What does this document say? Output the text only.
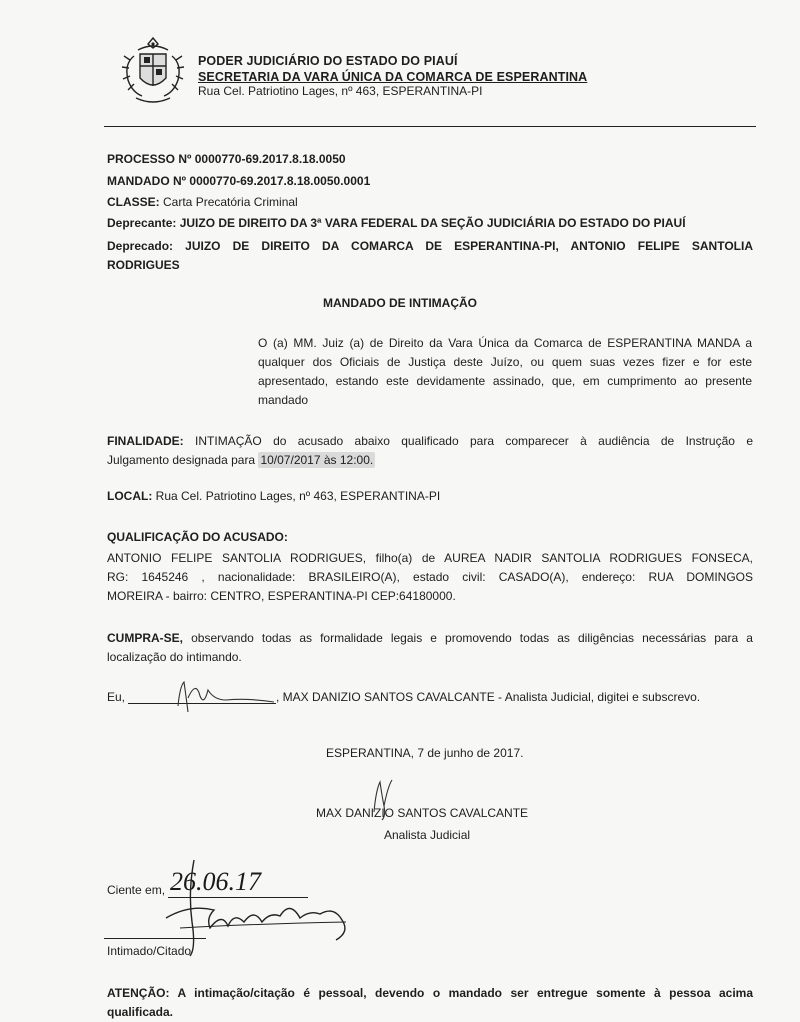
PODER JUDICIÁRIO DO ESTADO DO PIAUÍ
SECRETARIA DA VARA ÚNICA DA COMARCA DE ESPERANTINA
Rua Cel. Patriotino Lages, nº 463, ESPERANTINA-PI
PROCESSO Nº 0000770-69.2017.8.18.0050
MANDADO Nº 0000770-69.2017.8.18.0050.0001
CLASSE: Carta Precatória Criminal
Deprecante: JUIZO DE DIREITO DA 3ª VARA FEDERAL DA SEÇÃO JUDICIÁRIA DO ESTADO DO PIAUÍ
Deprecado: JUIZO DE DIREITO DA COMARCA DE ESPERANTINA-PI, ANTONIO FELIPE SANTOLIA
RODRIGUES
MANDADO DE INTIMAÇÃO
O (a) MM. Juiz (a) de Direito da Vara Única da Comarca de ESPERANTINA MANDA a
qualquer dos Oficiais de Justiça deste Juízo, ou quem suas vezes fizer e for este
apresentado, estando este devidamente assinado, que, em cumprimento ao presente
mandado
FINALIDADE: INTIMAÇÃO do acusado abaixo qualificado para comparecer à audiência de Instrução e
Julgamento designada para 10/07/2017 às 12:00.
LOCAL: Rua Cel. Patriotino Lages, nº 463, ESPERANTINA-PI
QUALIFICAÇÃO DO ACUSADO:
ANTONIO FELIPE SANTOLIA RODRIGUES, filho(a) de AUREA NADIR SANTOLIA RODRIGUES FONSECA,
RG: 1645246 , nacionalidade: BRASILEIRO(A), estado civil: CASADO(A), endereço: RUA DOMINGOS
MOREIRA - bairro: CENTRO, ESPERANTINA-PI CEP:64180000.
CUMPRA-SE, observando todas as formalidade legais e promovendo todas as diligências necessárias para a
localização do intimando.
Eu,	, MAX DANIZIO SANTOS CAVALCANTE - Analista Judicial, digitei e subscrevo.
ESPERANTINA, 7 de junho de 2017.
MAX DANIZIO SANTOS CAVALCANTE
Analista Judicial
Ciente em, 26.06.17
Intimado/Citado
ATENÇÃO: A intimação/citação é pessoal, devendo o mandado ser entregue somente à pessoa acima
qualificada.
